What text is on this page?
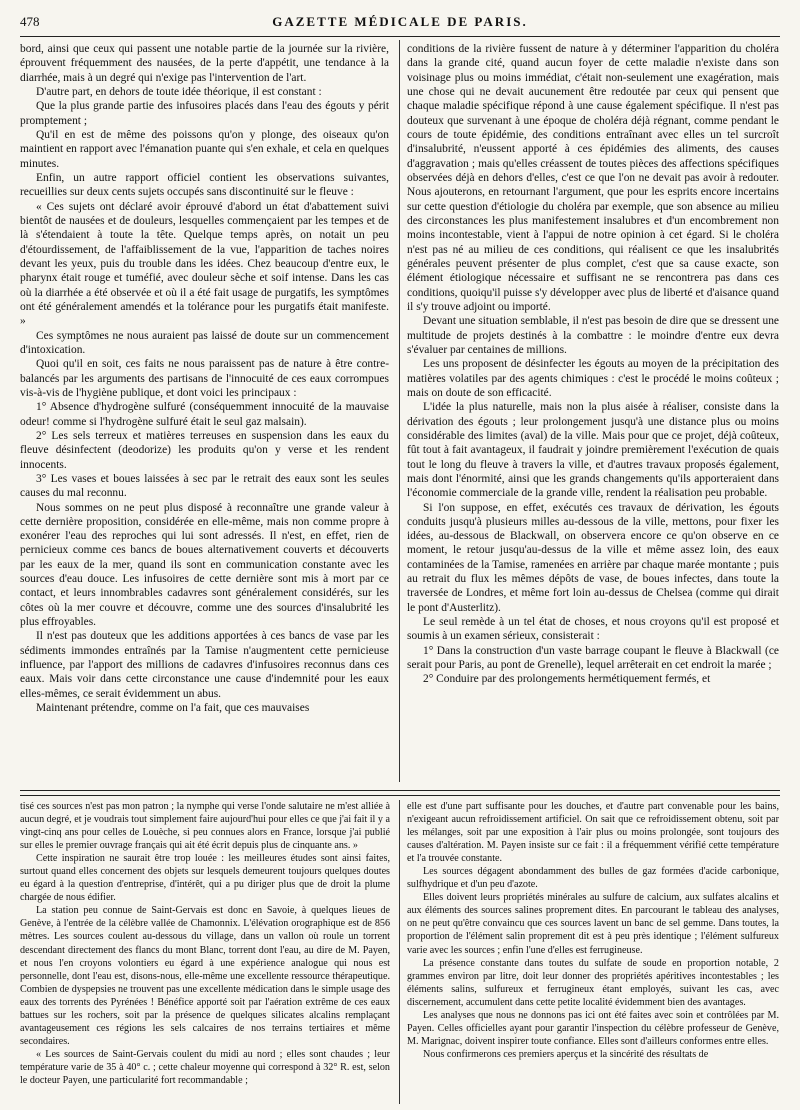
478	GAZETTE MÉDICALE DE PARIS.

bord, ainsi que ceux qui passent une notable partie de la journée sur la rivière, éprouvent fréquemment des nausées, de la perte d'appétit, une tendance à la diarrhée, mais à un degré qui n'exige pas l'intervention de l'art.

D'autre part, en dehors de toute idée théorique, il est constant :

Que la plus grande partie des infusoires placés dans l'eau des égouts y périt promptement ;

Qu'il en est de même des poissons qu'on y plonge, des oiseaux qu'on maintient en rapport avec l'émanation puante qui s'en exhale, et cela en quelques minutes.

Enfin, un autre rapport officiel contient les observations suivantes, recueillies sur deux cents sujets occupés sans discontinuité sur le fleuve :

« Ces sujets ont déclaré avoir éprouvé d'abord un état d'abattement suivi bientôt de nausées et de douleurs, lesquelles commençaient par les tempes et de là s'étendaient à toute la tête. Quelque temps après, on notait un peu d'étourdissement, de l'affaiblissement de la vue, l'apparition de taches noires devant les yeux, puis du trouble dans les idées. Chez beaucoup d'entre eux, le pharynx était rouge et tuméfié, avec douleur sèche et soif intense. Dans les cas où la diarrhée a été observée et où il a été fait usage de purgatifs, les symptômes ont été généralement amendés et la tolérance pour les purgatifs était manifeste. »

Ces symptômes ne nous auraient pas laissé de doute sur un commencement d'intoxication.

Quoi qu'il en soit, ces faits ne nous paraissent pas de nature à être contre-balancés par les arguments des partisans de l'innocuité de ces eaux corrompues vis-à-vis de l'hygiène publique, et dont voici les principaux :

1° Absence d'hydrogène sulfuré (conséquemment innocuité de la mauvaise odeur! comme si l'hydrogène sulfuré était le seul gaz malsain).

2° Les sels terreux et matières terreuses en suspension dans les eaux du fleuve désinfectent (deodorize) les produits qu'on y verse et les rendent innocents.

3° Les vases et boues laissées à sec par le retrait des eaux sont les seules causes du mal reconnu.

Nous sommes on ne peut plus disposé à reconnaître une grande valeur à cette dernière proposition, considérée en elle-même, mais non comme propre à exonérer l'eau des reproches qui lui sont adressés. Il n'est, en effet, rien de pernicieux comme ces bancs de boues alternativement couverts et découverts par les eaux de la mer, quand ils sont en communication constante avec les sources d'eau douce. Les infusoires de cette dernière sont mis à mort par ce contact, et leurs innombrables cadavres sont généralement considérés, sur les côtes où la mer couvre et découvre, comme une des sources d'insalubrité les plus effroyables.

Il n'est pas douteux que les additions apportées à ces bancs de vase par les sédiments immondes entraînés par la Tamise n'augmentent cette pernicieuse influence, par l'apport des millions de cadavres d'infusoires reconnus dans ces eaux. Mais voir dans cette circonstance une cause d'indemnité pour les eaux elles-mêmes, ce serait évidemment un abus.

Maintenant prétendre, comme on l'a fait, que ces mauvaises

conditions de la rivière fussent de nature à y déterminer l'apparition du choléra dans la grande cité, quand aucun foyer de cette maladie n'existe dans son voisinage plus ou moins immédiat, c'était non-seulement une exagération, mais une chose qui ne devait aucunement être redoutée par ceux qui pensent que chaque maladie spécifique répond à une cause également spécifique. Il n'est pas douteux que survenant à une époque de choléra déjà régnant, comme pendant le cours de toute épidémie, des conditions entraînant avec elles un tel surcroît d'insalubrité, n'eussent apporté à ces épidémies des aliments, des causes d'aggravation ; mais qu'elles créassent de toutes pièces des affections spécifiques observées déjà en dehors d'elles, c'est ce que l'on ne devait pas avoir à redouter. Nous ajouterons, en retournant l'argument, que pour les esprits encore incertains sur cette question d'étiologie du choléra par exemple, que son absence au milieu des circonstances les plus manifestement insalubres et d'un encombrement non moins incontestable, vient à l'appui de notre opinion à cet égard. Si le choléra n'est pas né au milieu de ces conditions, qui réalisent ce que les insalubrités générales peuvent présenter de plus complet, c'est que sa cause exacte, son élément étiologique nécessaire et suffisant ne se rencontrera pas dans ces conditions, quoiqu'il puisse s'y développer avec plus de liberté et d'aisance quand il s'y trouve adjoint ou importé.

Devant une situation semblable, il n'est pas besoin de dire que se dressent une multitude de projets destinés à la combattre : le moindre d'entre eux devra s'évaluer par centaines de millions.

Les uns proposent de désinfecter les égouts au moyen de la précipitation des matières volatiles par des agents chimiques : c'est le procédé le moins coûteux ; mais on doute de son efficacité.

L'idée la plus naturelle, mais non la plus aisée à réaliser, consiste dans la dérivation des égouts ; leur prolongement jusqu'à une distance plus ou moins considérable des limites (aval) de la ville. Mais pour que ce projet, déjà coûteux, fût tout à fait avantageux, il faudrait y joindre premièrement l'exécution de quais tout le long du fleuve à travers la ville, et d'autres travaux proposés également, mais dont l'énormité, ainsi que les grands changements qu'ils apporteraient dans l'économie commerciale de la grande ville, rendent la réalisation peu probable.

Si l'on suppose, en effet, exécutés ces travaux de dérivation, les égouts conduits jusqu'à plusieurs milles au-dessous de la ville, mettons, pour fixer les idées, au-dessous de Blackwall, on observera encore ce qu'on observe en ce moment, le retour jusqu'au-dessus de la ville et même assez loin, des eaux contaminées de la Tamise, ramenées en arrière par chaque marée montante ; puis au retrait du flux les mêmes dépôts de vase, de boues infectes, dans toute la traversée de Londres, et même fort loin au-dessus de Chelsea (comme qui dirait le pont d'Austerlitz).

Le seul remède à un tel état de choses, et nous croyons qu'il est proposé et soumis à un examen sérieux, consisterait :

1° Dans la construction d'un vaste barrage coupant le fleuve à Blackwall (ce serait pour Paris, au pont de Grenelle), lequel arrêterait en cet endroit la marée ;

2° Conduire par des prolongements hermétiquement fermés, et

tisé ces sources n'est pas mon patron ; la nymphe qui verse l'onde salutaire ne m'est alliée à aucun degré, et je voudrais tout simplement faire aujourd'hui pour elles ce que j'ai fait il y a vingt-cinq ans pour celles de Louèche, si peu connues alors en France, lorsque j'ai publié sur elles le premier ouvrage français qui ait été écrit depuis plus de cinquante ans. »

Cette inspiration ne saurait être trop louée : les meilleures études sont ainsi faites, surtout quand elles concernent des objets sur lesquels demeurent toujours quelques doutes eu égard à la question d'entreprise, d'intérêt, qui a pu diriger plus que de droit la plume chargée de nous édifier.

La station peu connue de Saint-Gervais est donc en Savoie, à quelques lieues de Genève, à l'entrée de la célèbre vallée de Chamonnix. L'élévation orographique est de 856 mètres. Les sources coulent au-dessous du village, dans un vallon où roule un torrent descendant directement des flancs du mont Blanc, torrent dont l'eau, au dire de M. Payen, et nous l'en croyons volontiers eu égard à une expérience analogue qui nous est personnelle, dont l'eau est, disons-nous, elle-même une excellente ressource thérapeutique. Combien de dyspepsies ne trouvent pas une excellente médication dans le simple usage des eaux des torrents des Pyrénées ! Bénéfice apporté soit par l'aération extrême de ces eaux battues sur les rochers, soit par la présence de quelques silicates alcalins remplaçant avantageusement ces régions les sels calcaires de nos terrains tertiaires et même secondaires.

« Les sources de Saint-Gervais coulent du midi au nord ; elles sont chaudes ; leur température varie de 35 à 40° c. ; cette chaleur moyenne qui correspond à 32° R. est, selon le docteur Payen, une particularité fort recommandable ;

elle est d'une part suffisante pour les douches, et d'autre part convenable pour les bains, n'exigeant aucun refroidissement artificiel. On sait que ce refroidissement obtenu, soit par les mélanges, soit par une exposition à l'air plus ou moins prolongée, sont toujours des causes d'altération. M. Payen insiste sur ce fait : il a fréquemment vérifié cette température et l'a trouvée constante.

Les sources dégagent abondamment des bulles de gaz formées d'acide carbonique, sulfhydrique et d'un peu d'azote.

Elles doivent leurs propriétés minérales au sulfure de calcium, aux sulfates alcalins et aux éléments des sources salines proprement dites. En parcourant le tableau des analyses, on ne peut qu'être convaincu que ces sources lavent un banc de sel gemme. Dans toutes, la proportion de l'élément salin proprement dit est à peu près identique ; l'élément sulfureux varie avec les sources ; enfin l'une d'elles est ferrugineuse.

La présence constante dans toutes du sulfate de soude en proportion notable, 2 grammes environ par litre, doit leur donner des propriétés apéritives incontestables ; les éléments salins, sulfureux et ferrugineux étant employés, suivant les cas, avec discernement, accumulent dans cette petite localité évidemment bien des avantages.

Les analyses que nous ne donnons pas ici ont été faites avec soin et contrôlées par M. Payen. Celles officielles ayant pour garantir l'inspection du célèbre professeur de Genève, M. Marignac, doivent inspirer toute confiance. Elles sont d'ailleurs conformes entre elles.

Nous confirmerons ces premiers aperçus et la sincérité des résultats de
